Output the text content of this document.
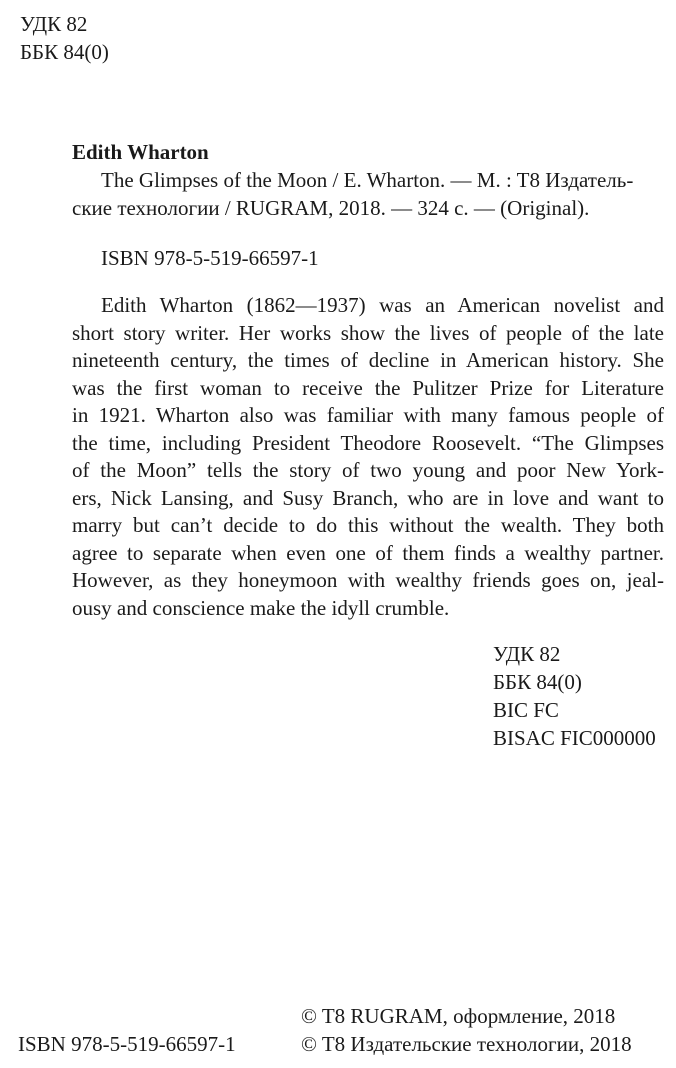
УДК 82
ББК 84(0)
Edith Wharton
The Glimpses of the Moon / E. Wharton. — M. : T8 Издатель-
ские технологии / RUGRAM, 2018. — 324 с. — (Original).
ISBN 978-5-519-66597-1
Edith Wharton (1862—1937) was an American novelist and
short story writer. Her works show the lives of people of the late
nineteenth century, the times of decline in American history. She
was the first woman to receive the Pulitzer Prize for Literature
in 1921. Wharton also was familiar with many famous people of
the time, including President Theodore Roosevelt. “The Glimpses
of the Moon” tells the story of two young and poor New York-
ers, Nick Lansing, and Susy Branch, who are in love and want to
marry but can’t decide to do this without the wealth. They both
agree to separate when even one of them finds a wealthy partner.
However, as they honeymoon with wealthy friends goes on, jeal-
ousy and conscience make the idyll crumble.
УДК 82
ББК 84(0)
BIC FC
BISAC FIC000000
ISBN 978-5-519-66597-1
© T8 RUGRAM, оформление, 2018
© T8 Издательские технологии, 2018
